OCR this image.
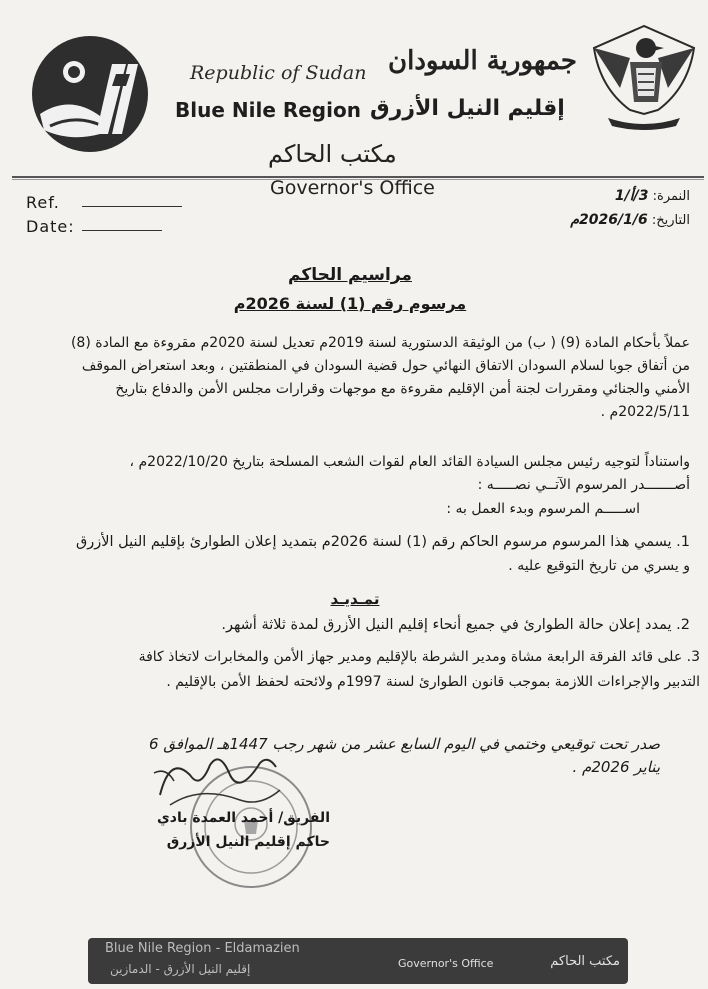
Republic of Sudan
Blue Nile Region
جمهورية السودان
إقليم النيل الأزرق
مكتب الحاكم
Governor's Office
Ref.
Date:
النمرة: 3/أ/1
التاريخ: 2026/1/6م
مراسيم الحاكم
مرسوم رقم (1) لسنة 2026م
عملاً بأحكام المادة (9) ( ب) من الوثيقة الدستورية لسنة 2019م تعديل لسنة 2020م مقروءة مع المادة (8) من أتفاق جوبا لسلام السودان الاتفاق النهائي حول قضية السودان في المنطقتين ، وبعد استعراض الموقف الأمني والجنائي ومقررات لجنة أمن الإقليم مقروءة مع موجهات وقرارات مجلس الأمن والدفاع بتاريخ 2022/5/11م .
واستناداً لتوجيه رئيس مجلس السيادة القائد العام لقوات الشعب المسلحة بتاريخ 2022/10/20م ،
أصـــــــدر المرسوم الآتــي نصـــــه :
اســـــم المرسوم وبدء العمل به :
1. يسمي هذا المرسوم مرسوم الحاكم رقم (1) لسنة 2026م بتمديد إعلان الطوارئ بإقليم النيل الأزرق
و يسري من تاريخ التوقيع عليه .
تمـديـد
2. يمدد إعلان حالة الطوارئ في جميع أنحاء إقليم النيل الأزرق لمدة ثلاثة أشهر.
3. على قائد الفرقة الرابعة مشاة ومدير الشرطة بالإقليم ومدير جهاز الأمن والمخابرات لاتخاذ كافة
التدبير والإجراءات اللازمة بموجب قانون الطوارئ لسنة 1997م ولائحته لحفظ الأمن بالإقليم .
صدر تحت توقيعي وختمي في اليوم السابع عشر من شهر رجب 1447هـ الموافق 6 يناير 2026م .
الفريق/ أحمد العمدة بادي
حاكم إقليم النيل الأزرق
Blue Nile Region - Eldamazien
إقليم النيل الأزرق - الدمازين	Governor's Office	مكتب الحاكم
